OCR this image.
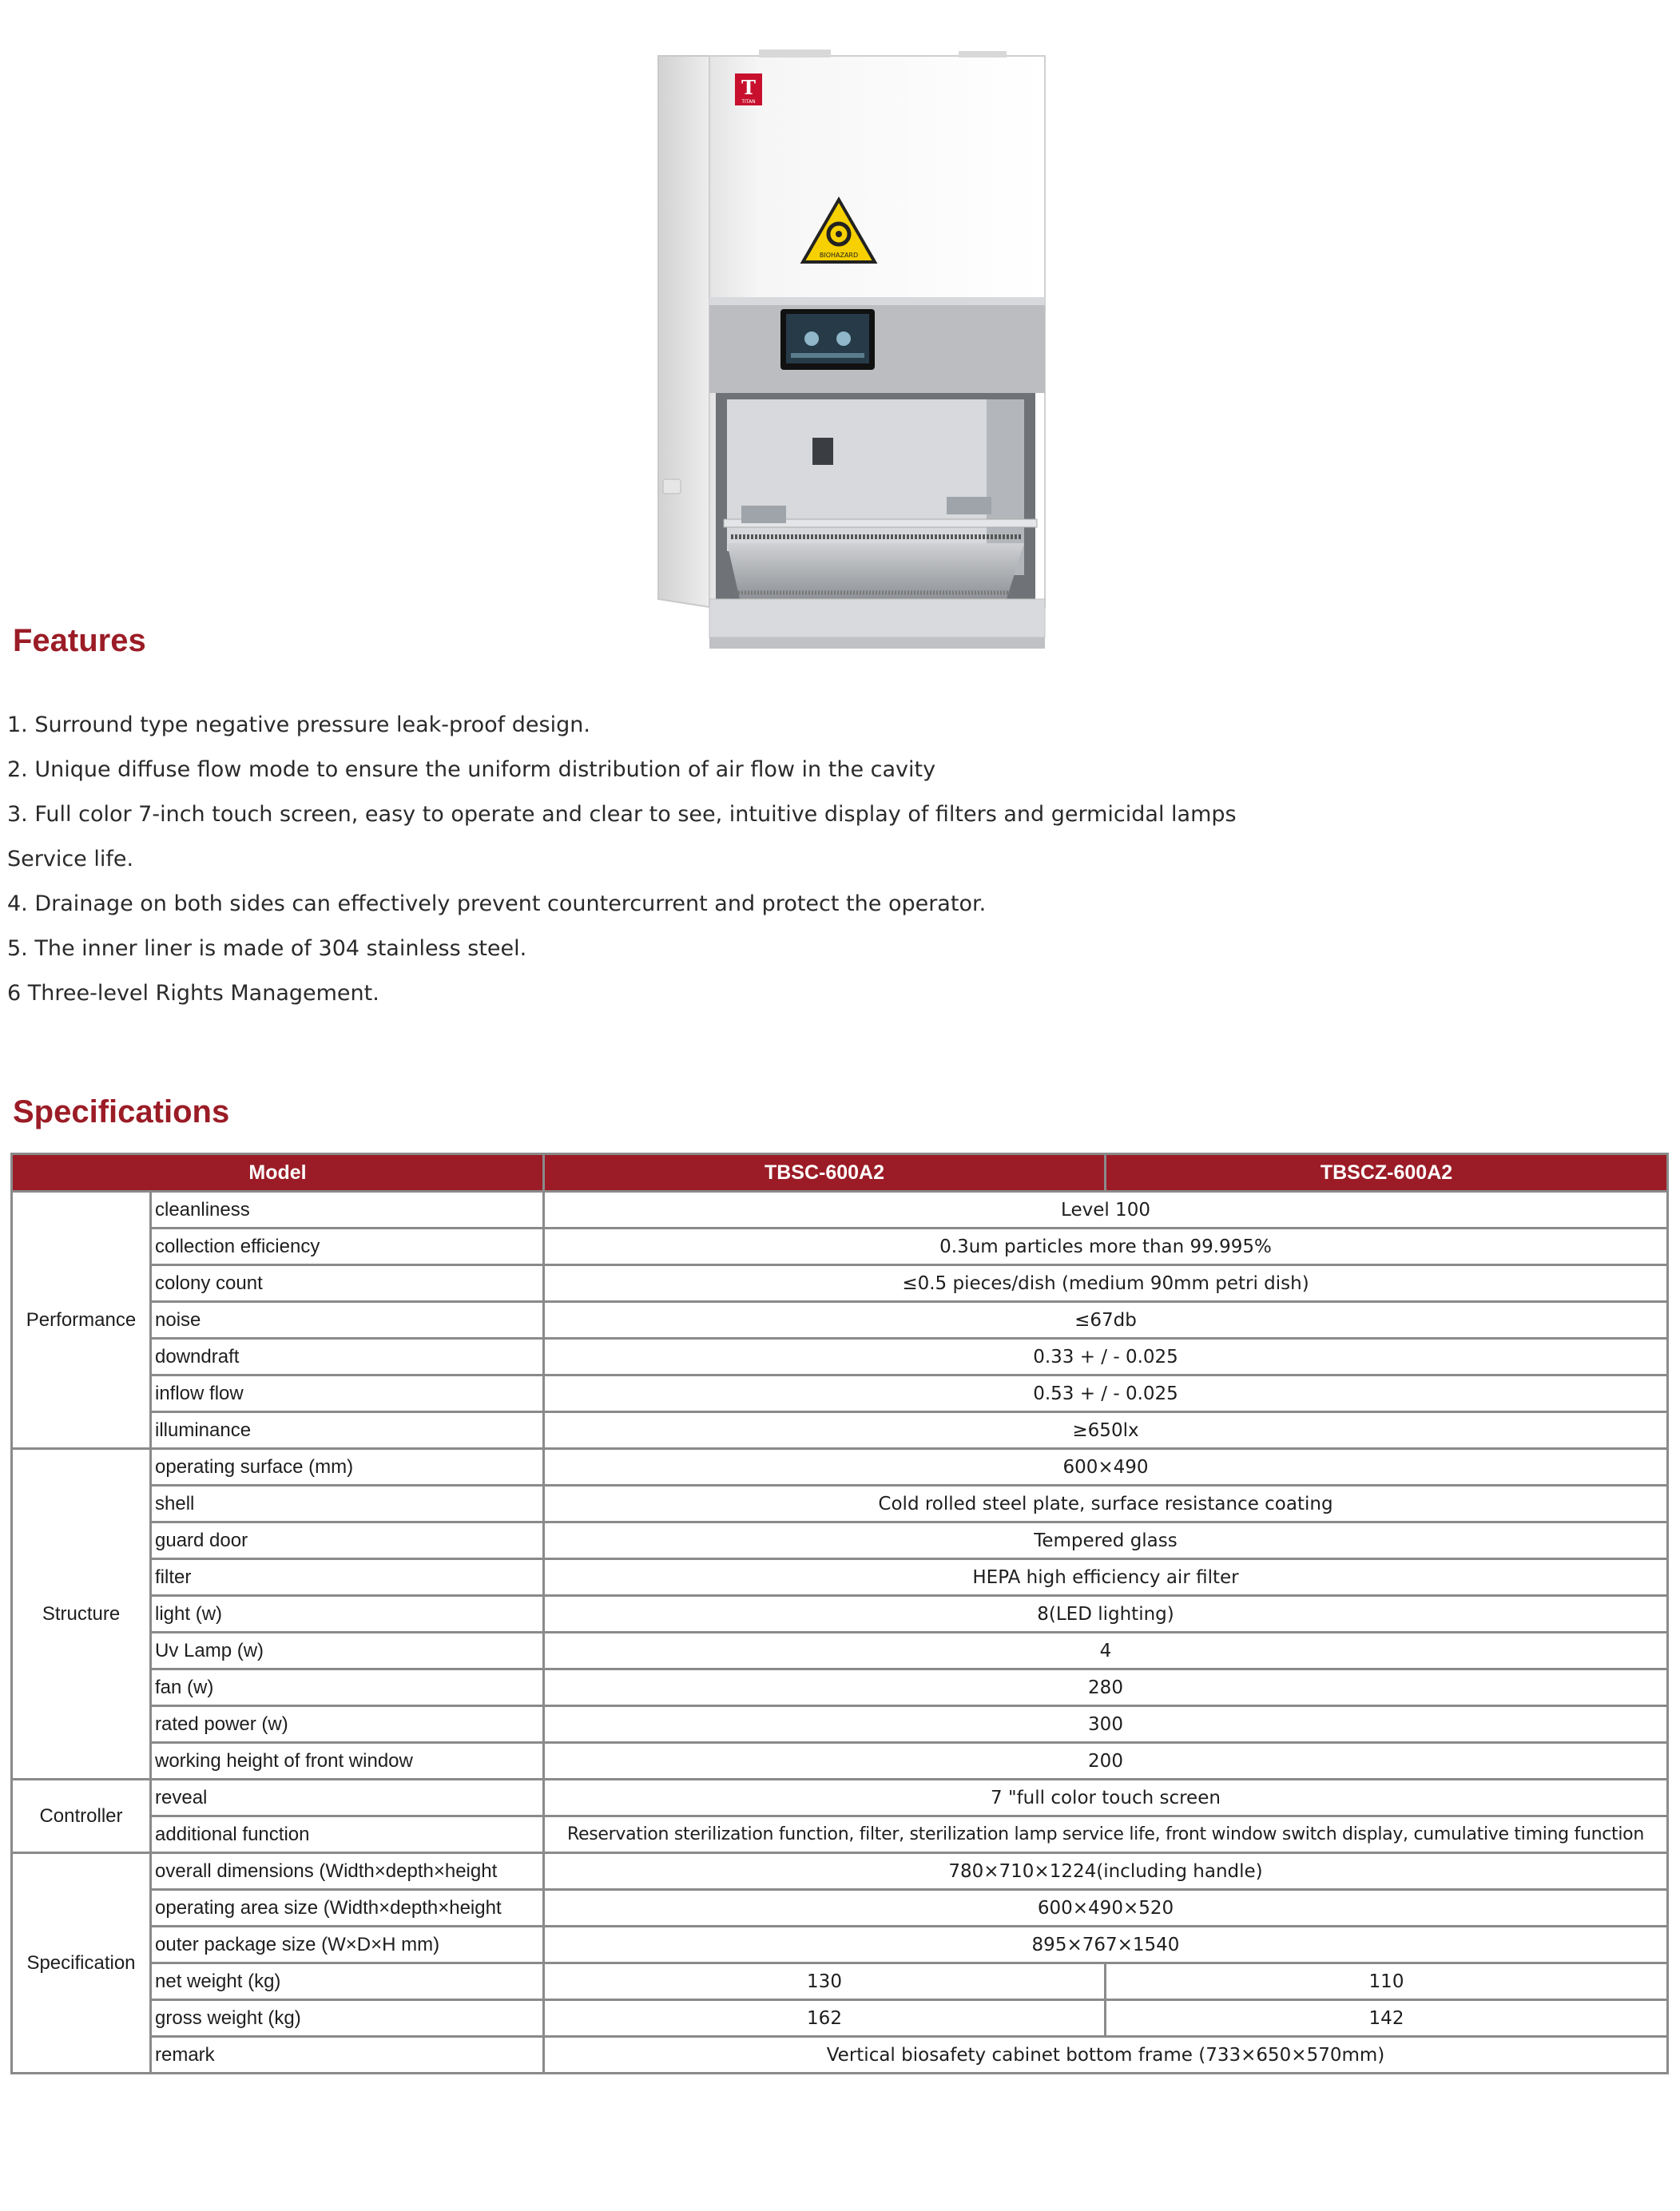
T
TITAN
BIOHAZARD
Features
1. Surround type negative pressure leak-proof design.
2. Unique diffuse flow mode to ensure the uniform distribution of air flow in the cavity
3. Full color 7-inch touch screen, easy to operate and clear to see, intuitive display of filters and germicidal lamps
Service life.
4. Drainage on both sides can effectively prevent countercurrent and protect the operator.
5. The inner liner is made of 304 stainless steel.
6 Three-level Rights Management.
Specifications
Model		TBSC-600A2	TBSCZ-600A2
Performance	cleanliness	Level 100	
	collection efficiency	0.3um particles more than 99.995%	
	colony count	≤0.5 pieces/dish (medium 90mm petri dish)	
	noise	≤67db	
	downdraft	0.33 + / - 0.025	
	inflow flow	0.53 + / - 0.025	
	illuminance	≥650lx	
Structure	operating surface (mm)	600×490	
	shell	Cold rolled steel plate, surface resistance coating	
	guard door	Tempered glass	
	filter	HEPA high efficiency air filter	
	light (w)	8(LED lighting)	
	Uv Lamp (w)	4	
	fan (w)	280	
	rated power (w)	300	
	working height of front window	200	
Controller	reveal	7 "full color touch screen	
	additional function	Reservation sterilization function, filter, sterilization lamp service life, front window switch display, cumulative timing function	
Specification	overall dimensions (Width×depth×height	780×710×1224(including handle)	
	operating area size (Width×depth×height	600×490×520	
	outer package size (W×D×H mm)	895×767×1540	
	net weight (kg)	130	110
	gross weight (kg)	162	142
	remark	Vertical biosafety cabinet bottom frame (733×650×570mm)	
